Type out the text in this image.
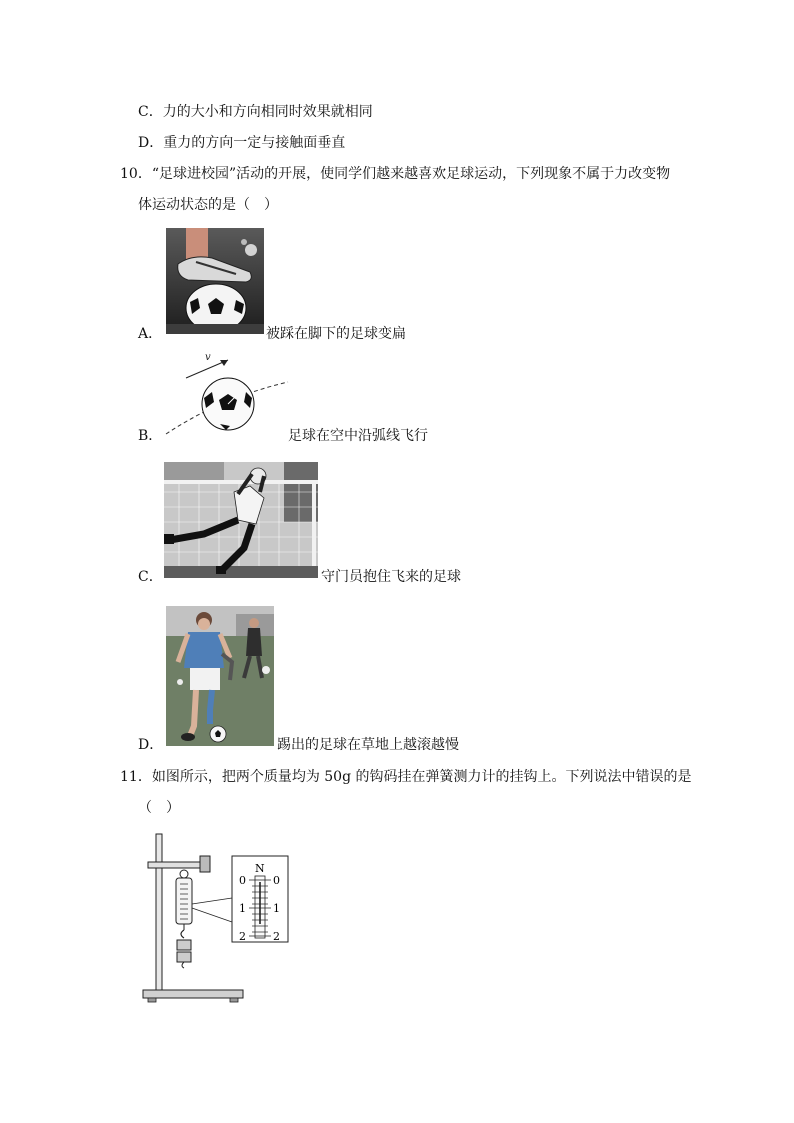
C．力的大小和方向相同时效果就相同
D．重力的方向一定与接触面垂直
10．“足球进校园”活动的开展，使同学们越来越喜欢足球运动，下列现象不属于力改变物
体运动状态的是（　）
A．	被踩在脚下的足球变扁
v
B．	足球在空中沿弧线飞行
C．	守门员抱住飞来的足球
D．	踢出的足球在草地上越滚越慢
11．如图所示，把两个质量均为 50g 的钩码挂在弹簧测力计的挂钩上。下列说法中错误的是
（　）
N
0
1
2
0
1
2
